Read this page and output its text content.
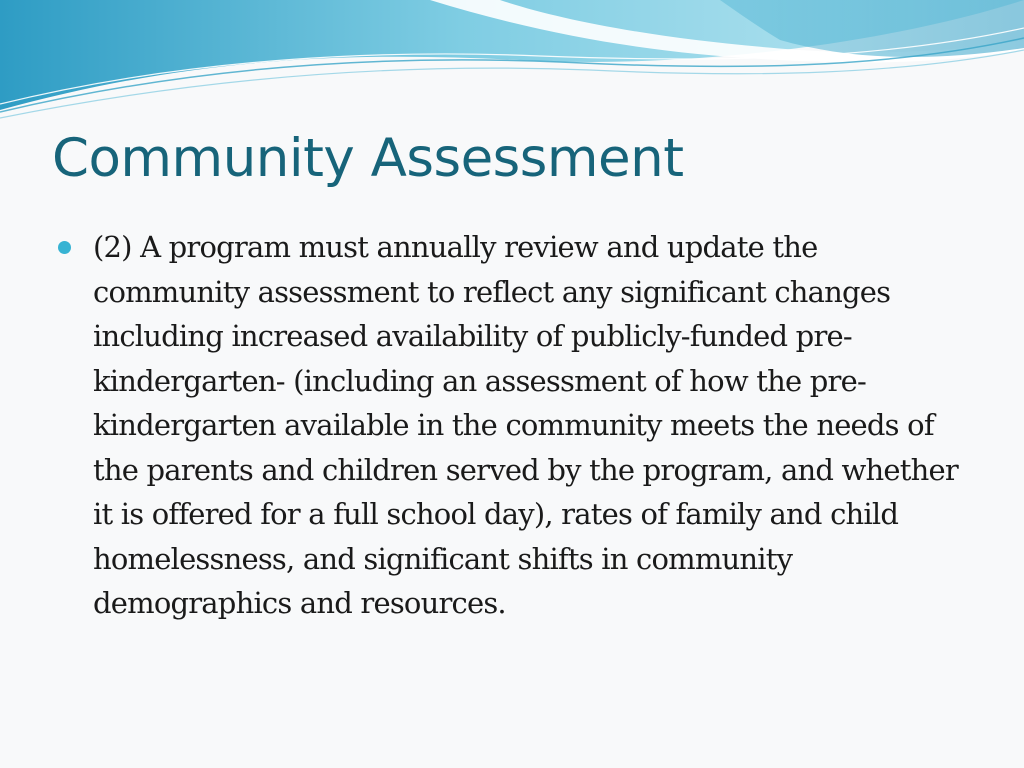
Community Assessment

(2) A program must annually review and update the community assessment to reflect any significant changes including increased availability of publicly-funded pre-kindergarten- (including an assessment of how the pre-kindergarten available in the community meets the needs of the parents and children served by the program, and whether it is offered for a full school day), rates of family and child homelessness, and significant shifts in community demographics and resources.
